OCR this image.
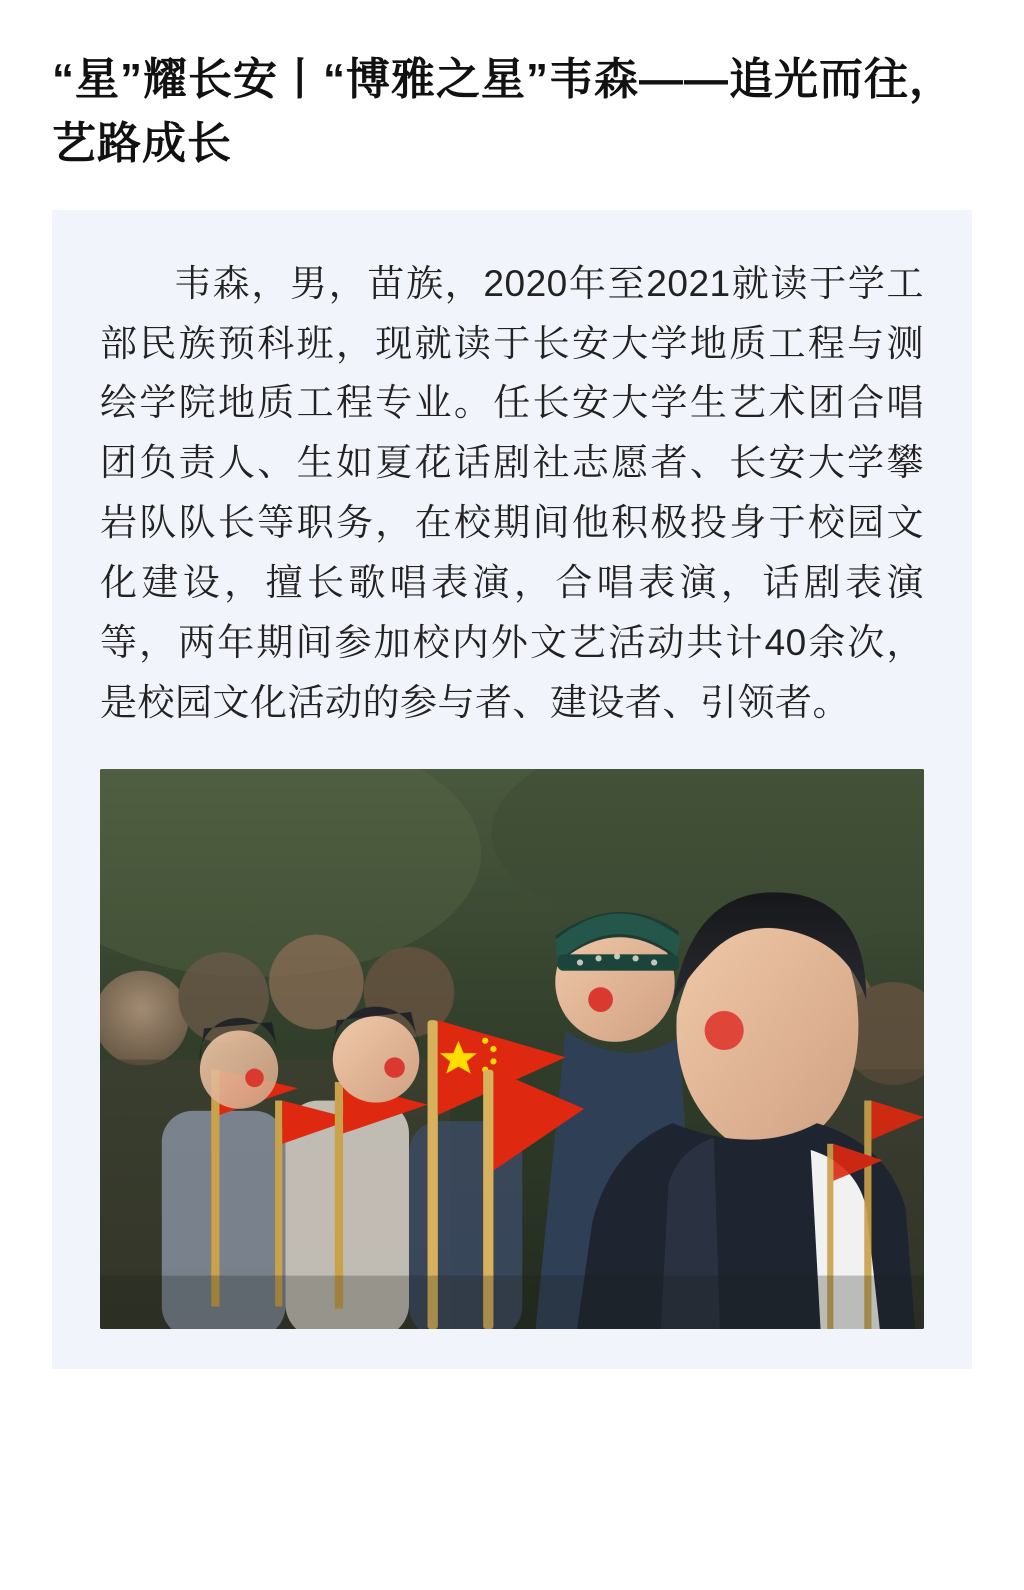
“星”耀长安丨“博雅之星”韦森——追光而往，艺路成长

韦森，男，苗族，2020年至2021就读于学工部民族预科班，现就读于长安大学地质工程与测绘学院地质工程专业。任长安大学生艺术团合唱团负责人、生如夏花话剧社志愿者、长安大学攀岩队队长等职务，在校期间他积极投身于校园文化建设，擅长歌唱表演，合唱表演，话剧表演等，两年期间参加校内外文艺活动共计40余次，是校园文化活动的参与者、建设者、引领者。
